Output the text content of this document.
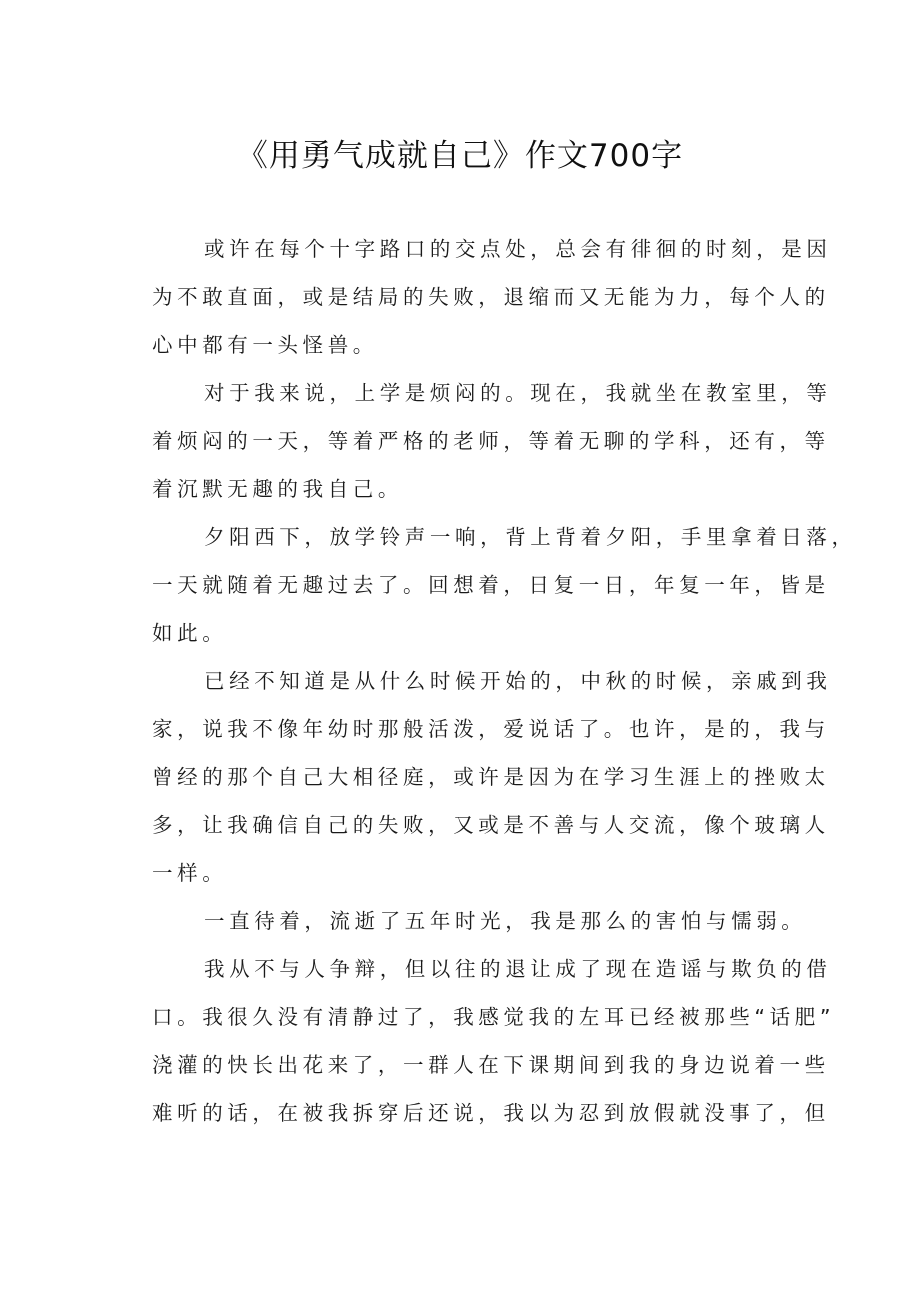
《用勇气成就自己》作文700字
或许在每个十字路口的交点处，总会有徘徊的时刻，是因
为不敢直面，或是结局的失败，退缩而又无能为力，每个人的
心中都有一头怪兽。
对于我来说，上学是烦闷的。现在，我就坐在教室里，等
着烦闷的一天，等着严格的老师，等着无聊的学科，还有，等
着沉默无趣的我自己。
夕阳西下，放学铃声一响，背上背着夕阳，手里拿着日落，
一天就随着无趣过去了。回想着，日复一日，年复一年，皆是
如此。
已经不知道是从什么时候开始的，中秋的时候，亲戚到我
家，说我不像年幼时那般活泼，爱说话了。也许，是的，我与
曾经的那个自己大相径庭，或许是因为在学习生涯上的挫败太
多，让我确信自己的失败，又或是不善与人交流，像个玻璃人
一样。
一直待着，流逝了五年时光，我是那么的害怕与懦弱。
我从不与人争辩，但以往的退让成了现在造谣与欺负的借
口。我很久没有清静过了，我感觉我的左耳已经被那些“话肥”
浇灌的快长出花来了，一群人在下课期间到我的身边说着一些
难听的话，在被我拆穿后还说，我以为忍到放假就没事了，但
